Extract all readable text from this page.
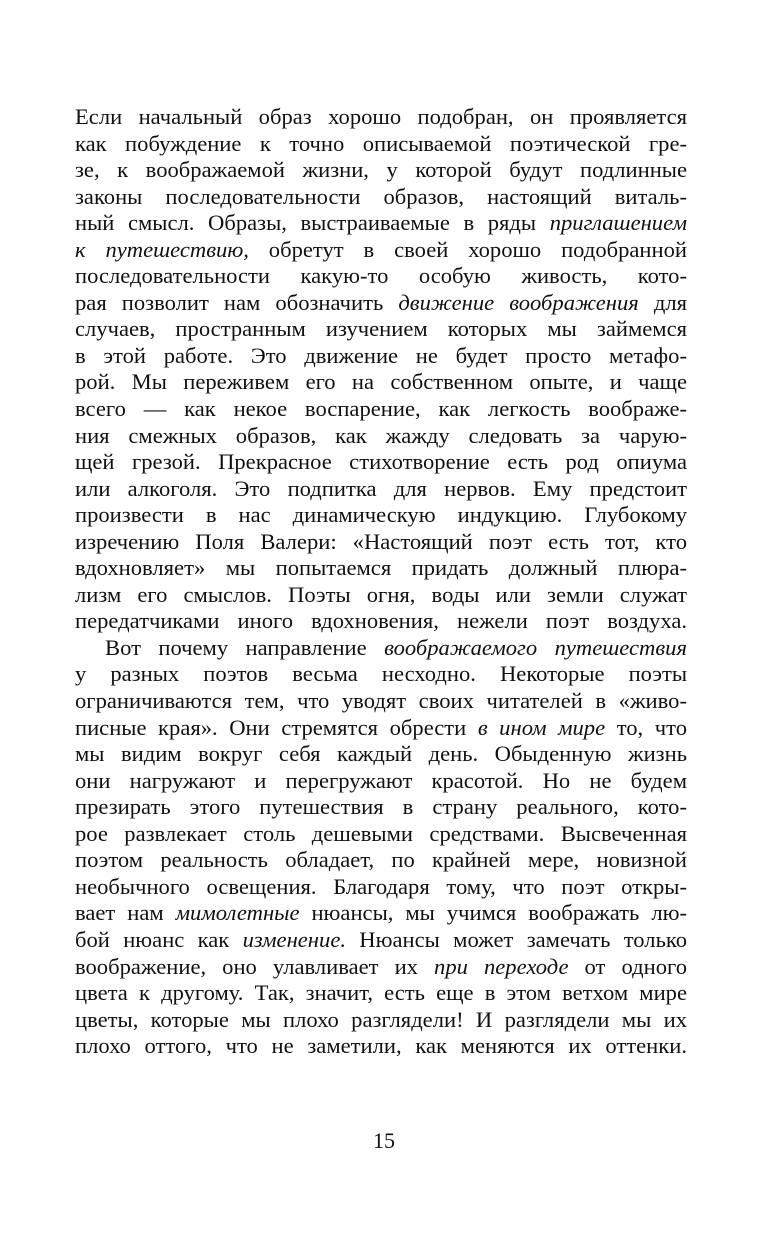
Если начальный образ хорошо подобран, он проявляется
как побуждение к точно описываемой поэтической гре-
зе, к воображаемой жизни, у которой будут подлинные
законы последовательности образов, настоящий виталь-
ный смысл. Образы, выстраиваемые в ряды приглашением
к путешествию, обретут в своей хорошо подобранной
последовательности какую-то особую живость, кото-
рая позволит нам обозначить движение воображения для
случаев, пространным изучением которых мы займемся
в этой работе. Это движение не будет просто метафо-
рой. Мы переживем его на собственном опыте, и чаще
всего — как некое воспарение, как легкость воображе-
ния смежных образов, как жажду следовать за чарую-
щей грезой. Прекрасное стихотворение есть род опиума
или алкоголя. Это подпитка для нервов. Ему предстоит
произвести в нас динамическую индукцию. Глубокому
изречению Поля Валери: «Настоящий поэт есть тот, кто
вдохновляет» мы попытаемся придать должный плюра-
лизм его смыслов. Поэты огня, воды или земли служат
передатчиками иного вдохновения, нежели поэт воздуха.
Вот почему направление воображаемого путешествия
у разных поэтов весьма несходно. Некоторые поэты
ограничиваются тем, что уводят своих читателей в «живо-
писные края». Они стремятся обрести в ином мире то, что
мы видим вокруг себя каждый день. Обыденную жизнь
они нагружают и перегружают красотой. Но не будем
презирать этого путешествия в страну реального, кото-
рое развлекает столь дешевыми средствами. Высвеченная
поэтом реальность обладает, по крайней мере, новизной
необычного освещения. Благодаря тому, что поэт откры-
вает нам мимолетные нюансы, мы учимся воображать лю-
бой нюанс как изменение. Нюансы может замечать только
воображение, оно улавливает их при переходе от одного
цвета к другому. Так, значит, есть еще в этом ветхом мире
цветы, которые мы плохо разглядели! И разглядели мы их
плохо оттого, что не заметили, как меняются их оттенки.
15
